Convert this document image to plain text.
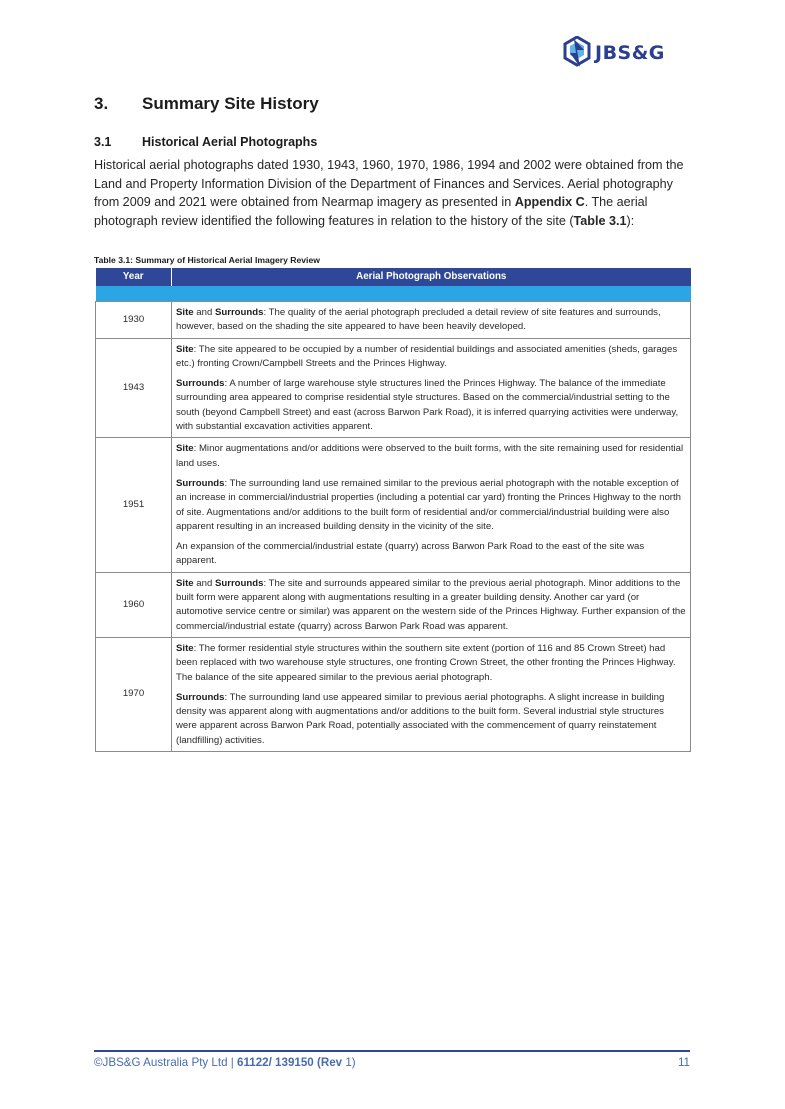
JBS&G
3. Summary Site History
3.1 Historical Aerial Photographs
Historical aerial photographs dated 1930, 1943, 1960, 1970, 1986, 1994 and 2002 were obtained from the Land and Property Information Division of the Department of Finances and Services. Aerial photography from 2009 and 2021 were obtained from Nearmap imagery as presented in Appendix C. The aerial photograph review identified the following features in relation to the history of the site (Table 3.1):
Table 3.1: Summary of Historical Aerial Imagery Review
Year	Aerial Photograph Observations

1930	Site and Surrounds: The quality of the aerial photograph precluded a detail review of site features and surrounds, however, based on the shading the site appeared to have been heavily developed.

1943	Site: The site appeared to be occupied by a number of residential buildings and associated amenities (sheds, garages etc.) fronting Crown/Campbell Streets and the Princes Highway.

Surrounds: A number of large warehouse style structures lined the Princes Highway. The balance of the immediate surrounding area appeared to comprise residential style structures. Based on the commercial/industrial setting to the south (beyond Campbell Street) and east (across Barwon Park Road), it is inferred quarrying activities were underway, with substantial excavation activities apparent.

1951	Site: Minor augmentations and/or additions were observed to the built forms, with the site remaining used for residential land uses.

Surrounds: The surrounding land use remained similar to the previous aerial photograph with the notable exception of an increase in commercial/industrial properties (including a potential car yard) fronting the Princes Highway to the north of site. Augmentations and/or additions to the built form of residential and/or commercial/industrial building were also apparent resulting in an increased building density in the vicinity of the site.

An expansion of the commercial/industrial estate (quarry) across Barwon Park Road to the east of the site was apparent.

1960	Site and Surrounds: The site and surrounds appeared similar to the previous aerial photograph. Minor additions to the built form were apparent along with augmentations resulting in a greater building density. Another car yard (or automotive service centre or similar) was apparent on the western side of the Princes Highway. Further expansion of the commercial/industrial estate (quarry) across Barwon Park Road was apparent.

1970	Site: The former residential style structures within the southern site extent (portion of 116 and 85 Crown Street) had been replaced with two warehouse style structures, one fronting Crown Street, the other fronting the Princes Highway. The balance of the site appeared similar to the previous aerial photograph.

Surrounds: The surrounding land use appeared similar to previous aerial photographs. A slight increase in building density was apparent along with augmentations and/or additions to the built form. Several industrial style structures were apparent across Barwon Park Road, potentially associated with the commencement of quarry reinstatement (landfilling) activities.

©JBS&G Australia Pty Ltd | 61122/ 139150 (Rev 1)	11
